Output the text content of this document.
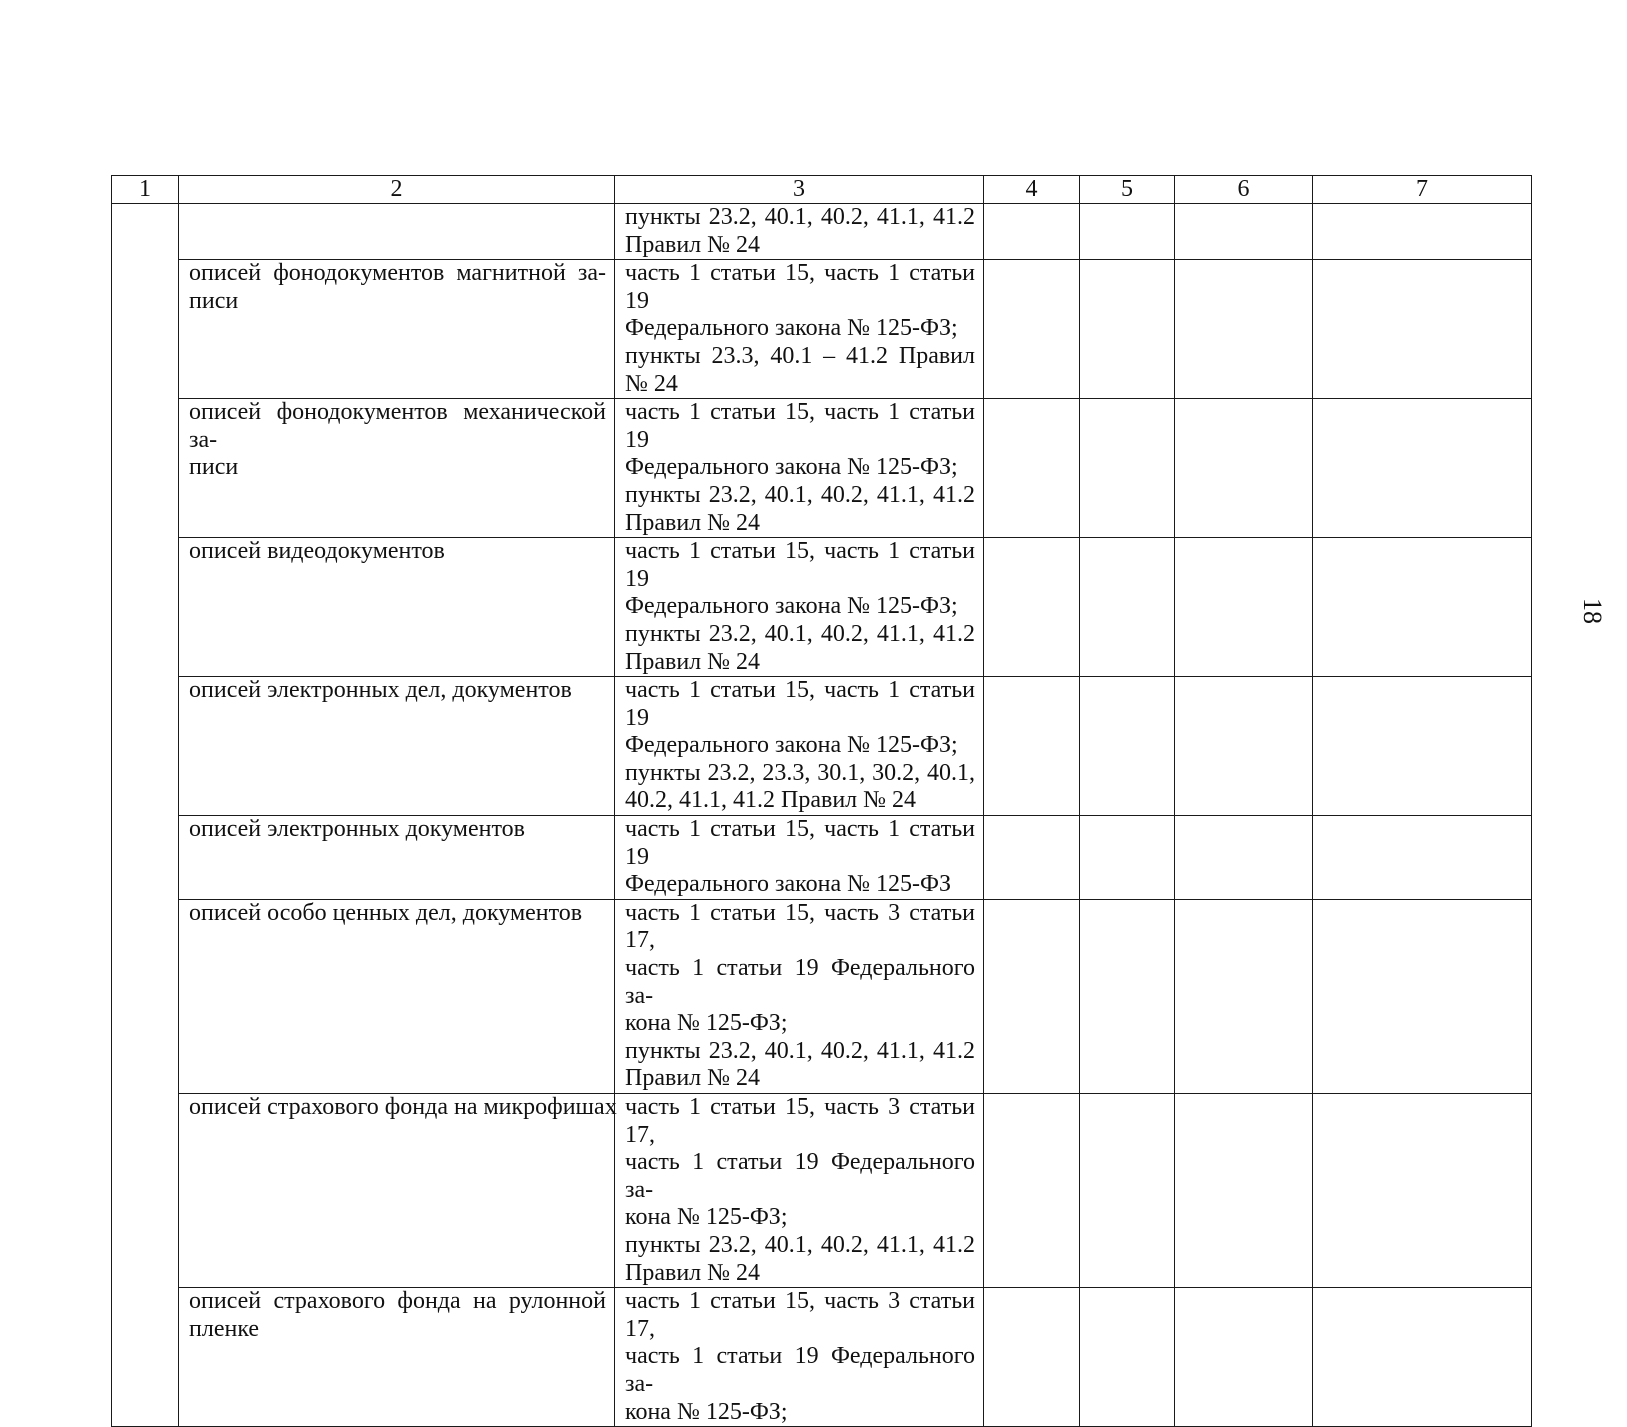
1	2	3	4	5	6	7

		пункты 23.2, 40.1, 40.2, 41.1, 41.2
Правил № 24				

	описей фонодокументов магнитной за-
писи	часть 1 статьи 15, часть 1 статьи 19
Федерального закона № 125-ФЗ;
пункты 23.3, 40.1 – 41.2 Правил
№ 24				

	описей фонодокументов механической за-
писи	часть 1 статьи 15, часть 1 статьи 19
Федерального закона № 125-ФЗ;
пункты 23.2, 40.1, 40.2, 41.1, 41.2
Правил № 24				

	описей видеодокументов	часть 1 статьи 15, часть 1 статьи 19
Федерального закона № 125-ФЗ;
пункты 23.2, 40.1, 40.2, 41.1, 41.2
Правил № 24				

	описей электронных дел, документов	часть 1 статьи 15, часть 1 статьи 19
Федерального закона № 125-ФЗ;
пункты 23.2, 23.3, 30.1, 30.2, 40.1,
40.2, 41.1, 41.2 Правил № 24				

	описей электронных документов	часть 1 статьи 15, часть 1 статьи 19
Федерального закона № 125-ФЗ				

	описей особо ценных дел, документов	часть 1 статьи 15, часть 3 статьи 17,
часть 1 статьи 19 Федерального за-
кона № 125-ФЗ;
пункты 23.2, 40.1, 40.2, 41.1, 41.2
Правил № 24				

	описей страхового фонда на микрофишах	часть 1 статьи 15, часть 3 статьи 17,
часть 1 статьи 19 Федерального за-
кона № 125-ФЗ;
пункты 23.2, 40.1, 40.2, 41.1, 41.2
Правил № 24				

	описей страхового фонда на рулонной
пленке	часть 1 статьи 15, часть 3 статьи 17,
часть 1 статьи 19 Федерального за-
кона № 125-ФЗ;				

18
